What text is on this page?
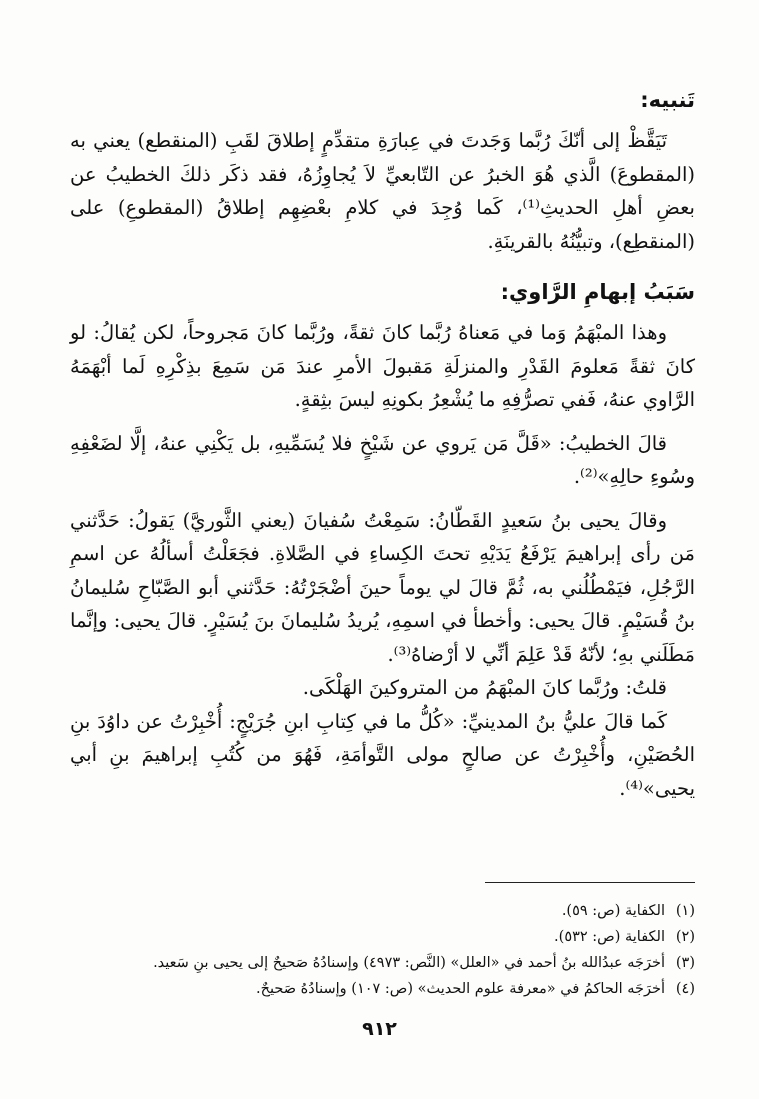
تَنبيه:

تَيَقَّظْ إلى أنّكَ رُبَّما وَجَدتَ في عِبارَةِ متقدِّمٍ إطلاقَ لقَبِ (المنقطع) يعني به (المقطوعَ) الَّذي هُوَ الخبرُ عن التّابعيِّ لاَ يُجاوِزُهُ، فقد ذكَر ذلكَ الخطيبُ عن بعضِ أهلِ الحديثِ⁽¹⁾، كَما وُجِدَ في كلامِ بعْضِهِم إطلاقُ (المقطوعِ) على (المنقطِع)، وتبيُّنُهُ بالقرينَةِ.

سَبَبُ إبهامِ الرَّاوي:

وهذا المبْهَمُ وَما في مَعناهُ رُبَّما كانَ ثقةً، ورُبَّما كانَ مَجروحاً، لكن يُقالُ: لو كانَ ثقةً مَعلومَ القَدْرِ والمنزلَةِ مَقبولَ الأمرِ عندَ مَن سَمِعَ بذِكْرِهِ لَما أبْهَمَهُ الرَّاوي عنهُ، فَفي تصرُّفِهِ ما يُشْعِرُ بكونِهِ ليسَ بثِقةٍ.

قالَ الخطيبُ: «قَلَّ مَن يَروي عن شَيْخٍ فلا يُسَمِّيهِ، بل يَكْنِي عنهُ، إلَّا لضَعْفِهِ وسُوءِ حالِهِ»⁽²⁾.

وقالَ يحيى بنُ سَعيدٍ القَطّانُ: سَمِعْتُ سُفيانَ (يعني الثَّوريَّ) يَقولُ: حَدَّثني مَن رأى إبراهيمَ يَرْفَعُ يَدَيْهِ تحتَ الكِساءِ في الصَّلاةِ. فجَعَلْتُ أسألُهُ عن اسمِ الرَّجُلِ، فيَمْطُلُني به، ثُمَّ قالَ لي يوماً حينَ أضْجَرْتُهُ: حَدَّثني أبو الصَّبّاحِ سُليمانُ بنُ قُسَيْمٍ. قالَ يحيى: وأخطأ في اسمِهِ، يُريدُ سُليمانَ بنَ يُسَيْرٍ. قالَ يحيى: وإنَّما مَطَلَني بهِ؛ لأنّهُ قَدْ عَلِمَ أنِّي لا أرْضاهُ⁽³⁾.

قلتُ: ورُبَّما كانَ المبْهَمُ من المتروكينَ الهَلْكَى.

كَما قالَ عليُّ بنُ المدينيِّ: «كُلُّ ما في كِتابِ ابنِ جُرَيْجٍ: أُخْبِرْتُ عن داوُدَ بنِ الحُصَيْنِ، وأُخْبِرْتُ عن صالحٍ مولى التَّوأمَةِ، فَهُوَ من كُتُبِ إبراهيمَ بنِ أبي يحيى»⁽⁴⁾.

(١)الكفاية (ص: ٥٩).
(٢)الكفاية (ص: ٥٣٢).
(٣)أخرَجَه عبدُالله بنُ أحمد في «العلل» (النَّص: ٤٩٧٣) وإسنادُهُ صَحيحٌ إلى يحيى بنِ سَعيد.
(٤)أخرَجَه الحاكمُ في «معرفة علوم الحديث» (ص: ١٠٧) وإسنادُهُ صَحيحٌ.
٩١٢
